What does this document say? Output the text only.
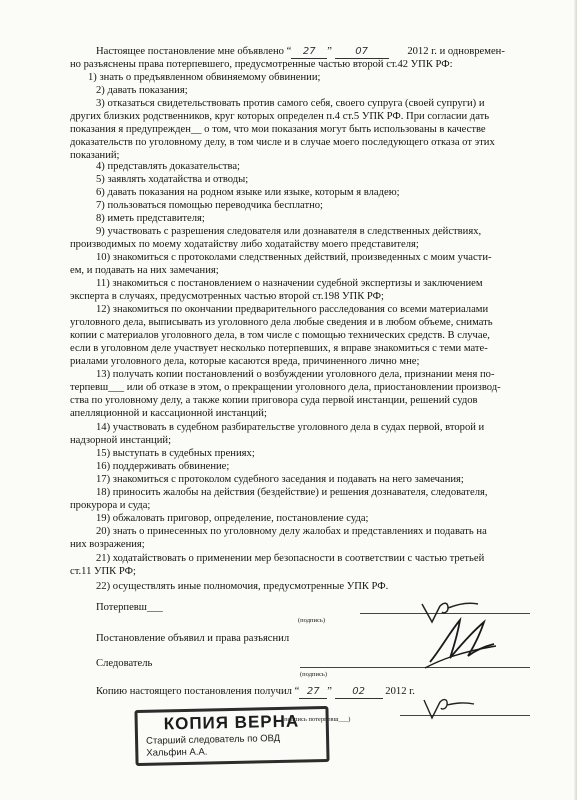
Настоящее постановление мне объявлено “ 27 ” 07	2012 г. и одновремен-
но разъяснены права потерпевшего, предусмотренные частью второй ст.42 УПК РФ:
1) знать о предъявленном обвиняемому обвинении;
2) давать показания;
3) отказаться свидетельствовать против самого себя, своего супруга (своей супруги) и
других близких родственников, круг которых определен п.4 ст.5 УПК РФ. При согласии дать
показания я предупрежден__ о том, что мои показания могут быть использованы в качестве
доказательств по уголовному делу, в том числе и в случае моего последующего отказа от этих
показаний;
4) представлять доказательства;
5) заявлять ходатайства и отводы;
6) давать показания на родном языке или языке, которым я владею;
7) пользоваться помощью переводчика бесплатно;
8) иметь представителя;
9) участвовать с разрешения следователя или дознавателя в следственных действиях,
производимых по моему ходатайству либо ходатайству моего представителя;
10) знакомиться с протоколами следственных действий, произведенных с моим участи-
ем, и подавать на них замечания;
11) знакомиться с постановлением о назначении судебной экспертизы и заключением
эксперта в случаях, предусмотренных частью второй ст.198 УПК РФ;
12) знакомиться по окончании предварительного расследования со всеми материалами
уголовного дела, выписывать из уголовного дела любые сведения и в любом объеме, снимать
копии с материалов уголовного дела, в том числе с помощью технических средств. В случае,
если в уголовном деле участвует несколько потерпевших, я вправе знакомиться с теми мате-
риалами уголовного дела, которые касаются вреда, причиненного лично мне;
13) получать копии постановлений о возбуждении уголовного дела, признании меня по-
терпевш___ или об отказе в этом, о прекращении уголовного дела, приостановлении производ-
ства по уголовному делу, а также копии приговора суда первой инстанции, решений судов
апелляционной и кассационной инстанций;
14) участвовать в судебном разбирательстве уголовного дела в судах первой, второй и
надзорной инстанций;
15) выступать в судебных прениях;
16) поддерживать обвинение;
17) знакомиться с протоколом судебного заседания и подавать на него замечания;
18) приносить жалобы на действия (бездействие) и решения дознавателя, следователя,
прокурора и суда;
19) обжаловать приговор, определение, постановление суда;
20) знать о принесенных по уголовному делу жалобах и представлениях и подавать на
них возражения;
21) ходатайствовать о применении мер безопасности в соответствии с частью третьей
ст.11 УПК РФ;
22) осуществлять иные полномочия, предусмотренные УПК РФ.
Потерпевш___
(подпись)
Постановление объявил и права разъяснил
Следователь
(подпись)
Копию настоящего постановления получил “ 27 ” 02 2012 г.
(подпись потерпевш___)
КОПИЯ ВЕРНА
Старший следователь по ОВД
Хальфин А.А.
